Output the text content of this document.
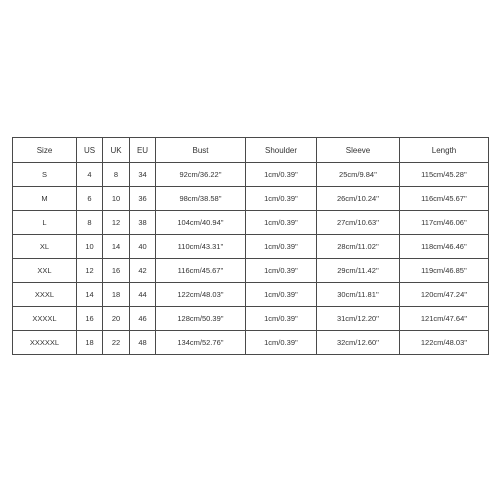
Size	US	UK	EU	Bust	Shoulder	Sleeve	Length
S	4	8	34	92cm/36.22''	1cm/0.39''	25cm/9.84''	115cm/45.28''
M	6	10	36	98cm/38.58''	1cm/0.39''	26cm/10.24''	116cm/45.67''
L	8	12	38	104cm/40.94''	1cm/0.39''	27cm/10.63''	117cm/46.06''
XL	10	14	40	110cm/43.31''	1cm/0.39''	28cm/11.02''	118cm/46.46''
XXL	12	16	42	116cm/45.67''	1cm/0.39''	29cm/11.42''	119cm/46.85''
XXXL	14	18	44	122cm/48.03''	1cm/0.39''	30cm/11.81''	120cm/47.24''
XXXXL	16	20	46	128cm/50.39''	1cm/0.39''	31cm/12.20''	121cm/47.64''
XXXXXL	18	22	48	134cm/52.76''	1cm/0.39''	32cm/12.60''	122cm/48.03''
